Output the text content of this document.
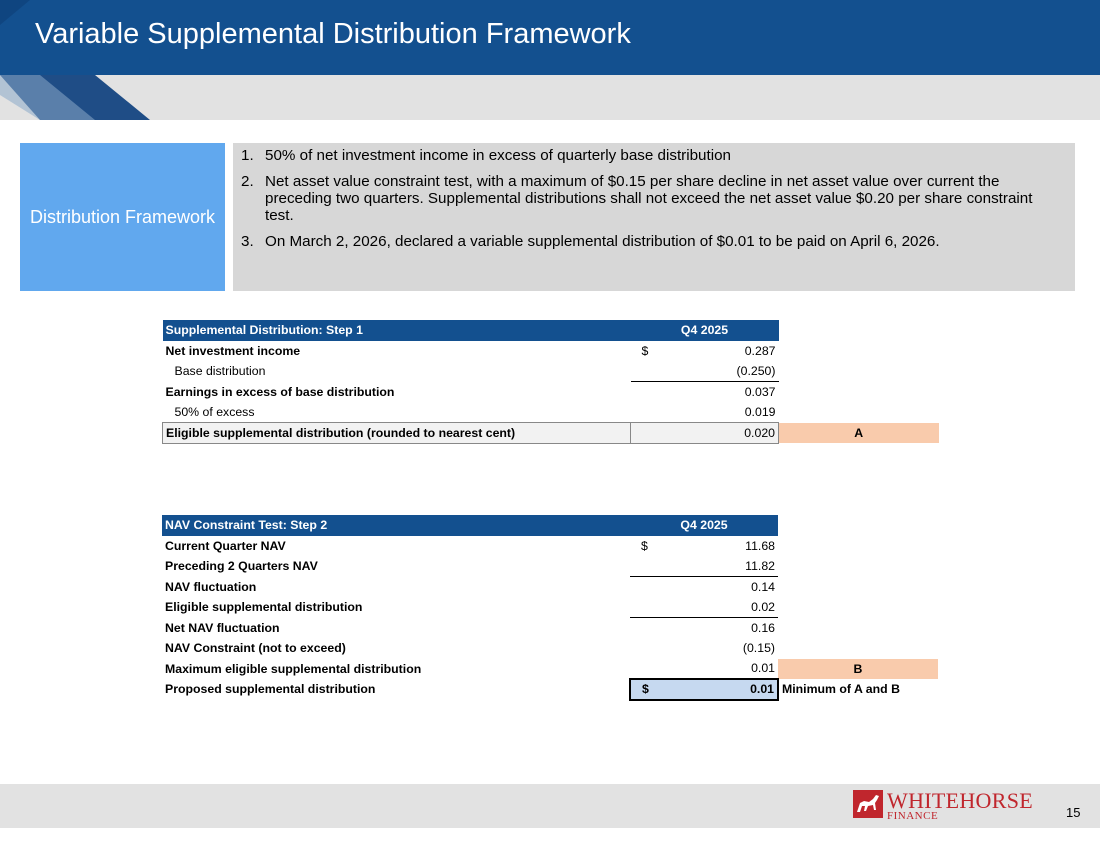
Variable Supplemental Distribution Framework
Distribution Framework
1. 50% of net investment income in excess of quarterly base distribution
2. Net asset value constraint test, with a maximum of $0.15 per share decline in net asset value over current the preceding two quarters. Supplemental distributions shall not exceed the net asset value $0.20 per share constraint test.
3. On March 2, 2026, declared a variable supplemental distribution of $0.01 to be paid on April 6, 2026.
Supplemental Distribution: Step 1	Q4 2025	
Net investment income	$ 0.287	

Base distribution	(0.250)	

Earnings in excess of base distribution	0.037	

50% of excess	0.019	

Eligible supplemental distribution (rounded to nearest cent)	0.020	A
NAV Constraint Test: Step 2	Q4 2025	
Current Quarter NAV	$ 11.68	

Preceding 2 Quarters NAV	11.82	

NAV fluctuation	0.14	

Eligible supplemental distribution	0.02	

Net NAV fluctuation	0.16	

NAV Constraint (not to exceed)	(0.15)	

Maximum eligible supplemental distribution	0.01	B
Proposed supplemental distribution	$ 0.01	Minimum of A and B
WHITEHORSE
FINANCE	15
